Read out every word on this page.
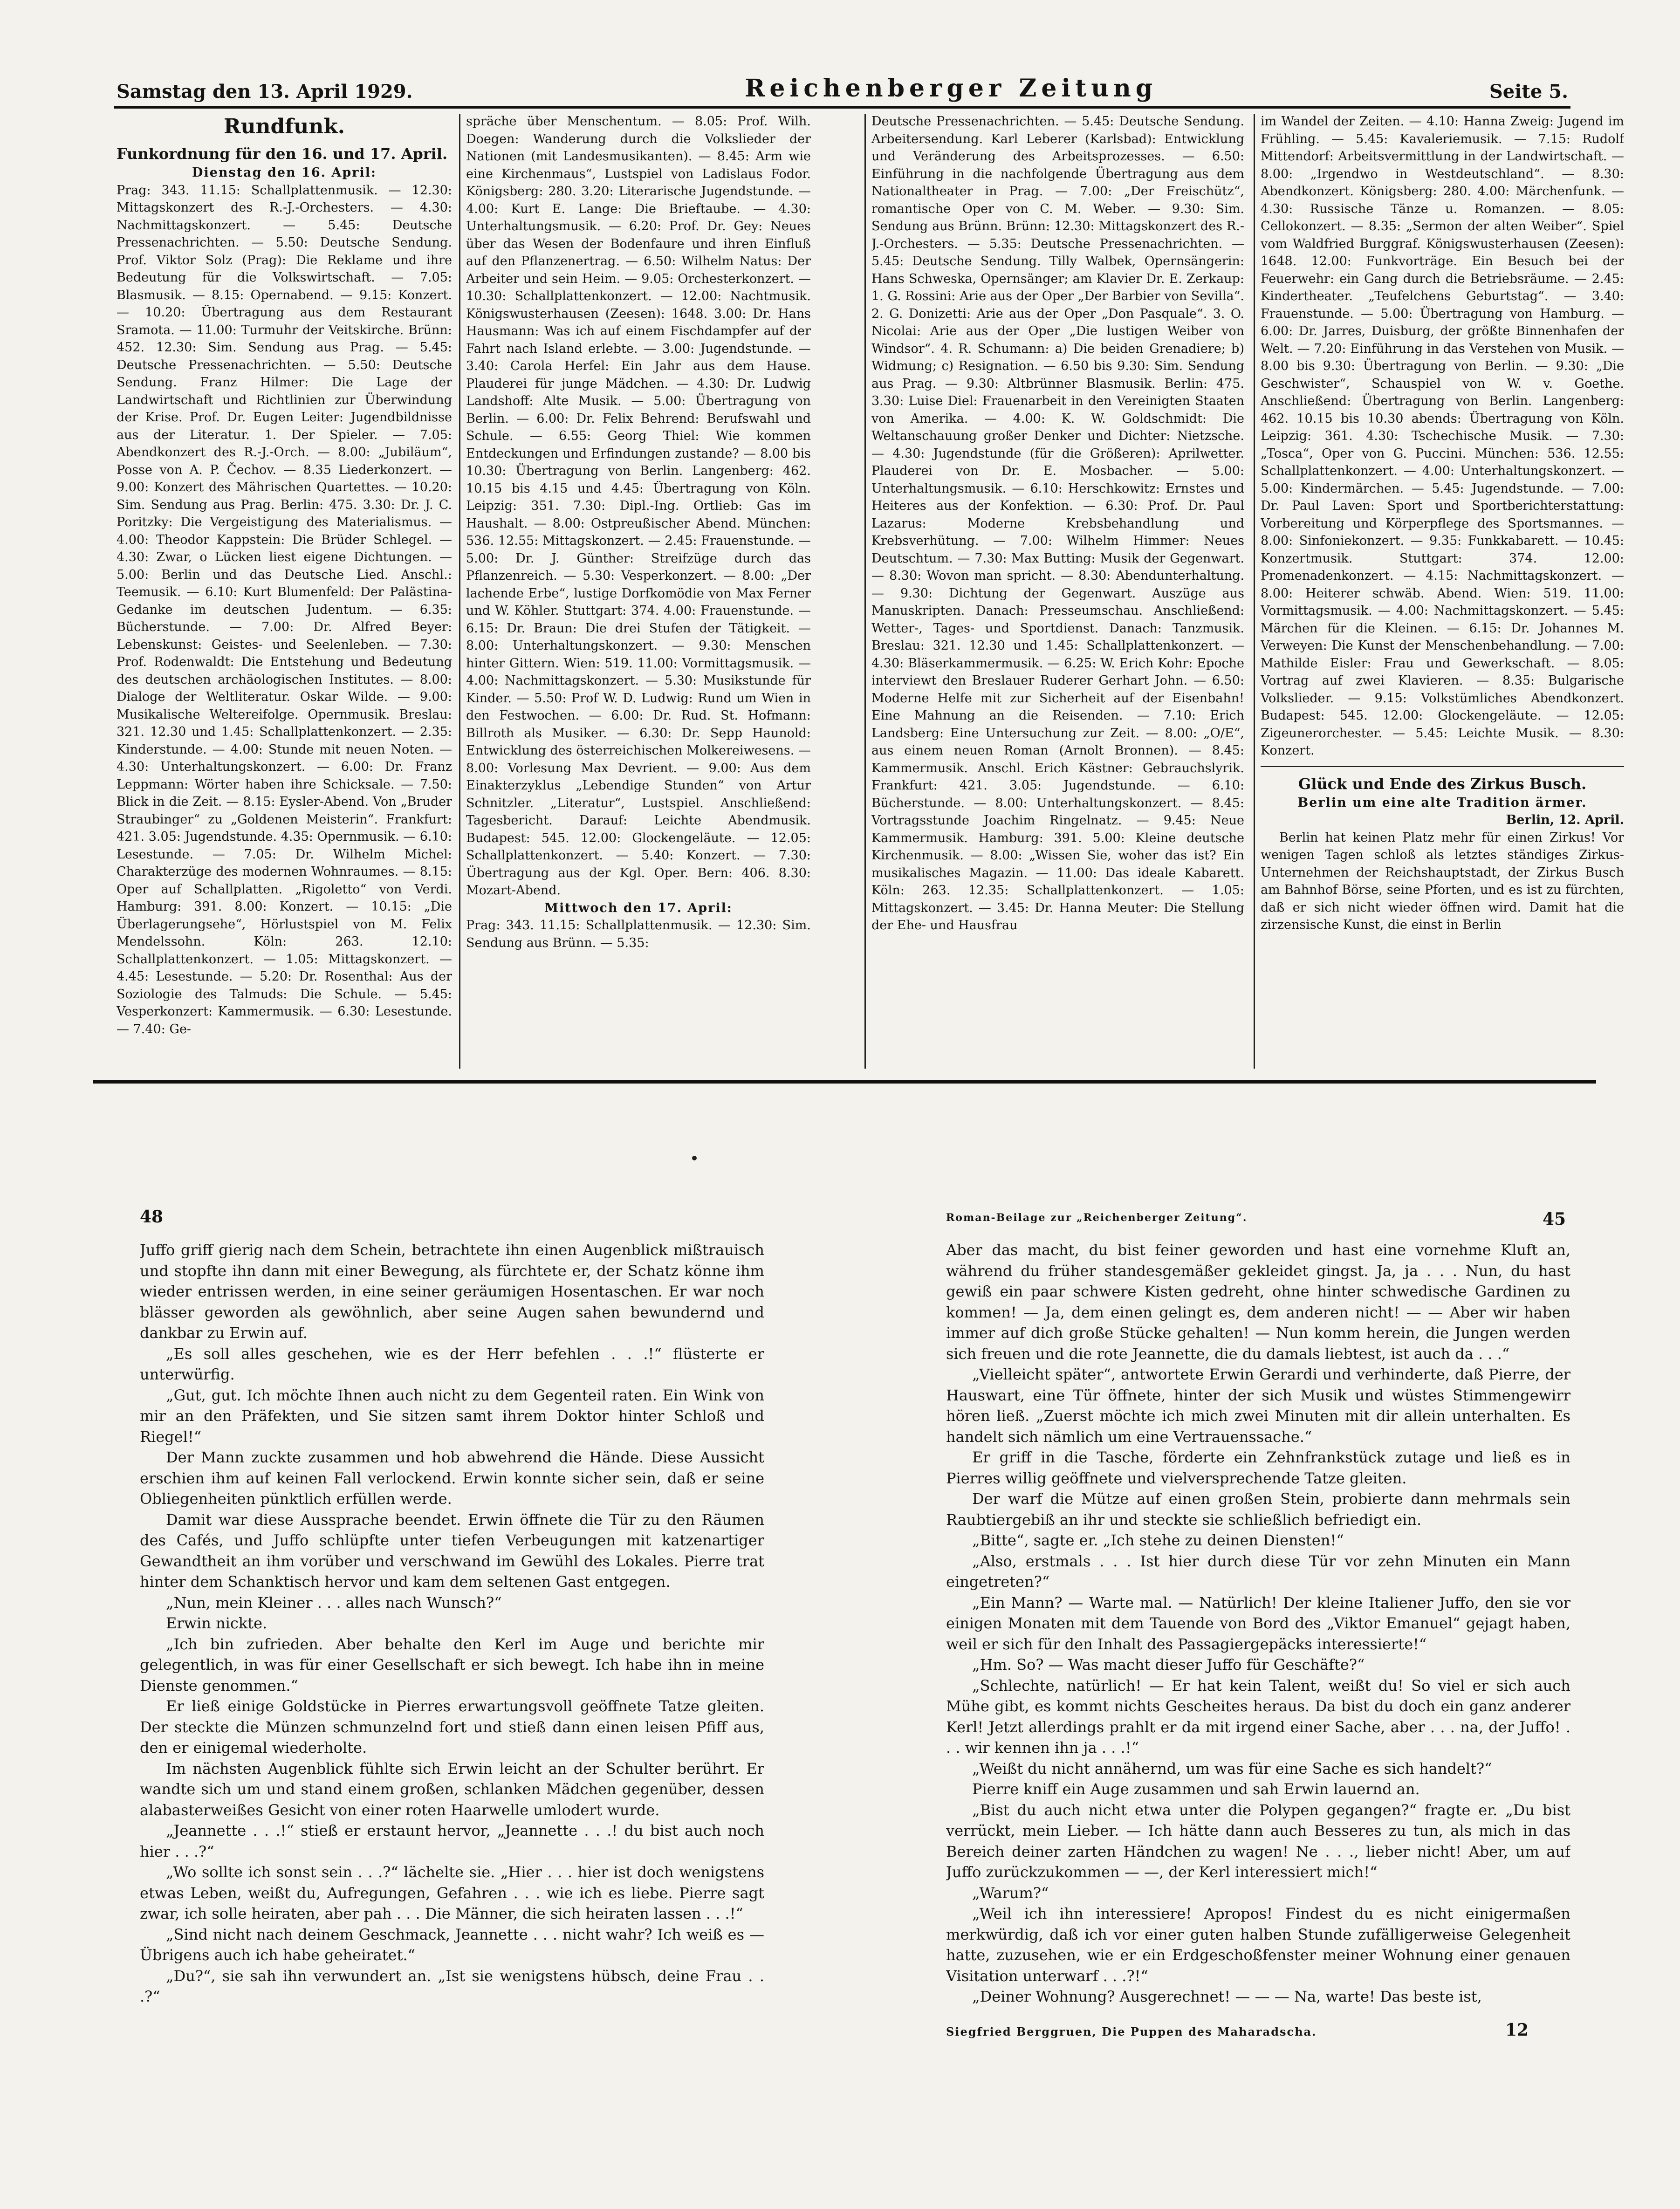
Samstag den 13. April 1929.	Reichenberger Zeitung	Seite 5.

Rundfunk.

Funkordnung für den 16. und 17. April.

Dienstag den 16. April:

Prag: 343. 11.15: Schallplattenmusik. — 12.30: Mittagskonzert des R.-J.-Orchesters. — 4.30: Nachmittagskonzert. — 5.45: Deutsche Pressenachrichten. — 5.50: Deutsche Sendung. Prof. Viktor Solz (Prag): Die Reklame und ihre Bedeutung für die Volkswirtschaft. — 7.05: Blasmusik. — 8.15: Opernabend. — 9.15: Konzert. — 10.20: Übertragung aus dem Restaurant Sramota. — 11.00: Turmuhr der Veitskirche. Brünn: 452. 12.30: Sim. Sendung aus Prag. — 5.45: Deutsche Pressenachrichten. — 5.50: Deutsche Sendung. Franz Hilmer: Die Lage der Landwirtschaft und Richtlinien zur Überwindung der Krise. Prof. Dr. Eugen Leiter: Jugendbildnisse aus der Literatur. 1. Der Spieler. — 7.05: Abendkonzert des R.-J.-Orch. — 8.00: „Jubiläum“, Posse von A. P. Čechov. — 8.35 Liederkonzert. — 9.00: Konzert des Mährischen Quartettes. — 10.20: Sim. Sendung aus Prag. Berlin: 475. 3.30: Dr. J. C. Poritzky: Die Vergeistigung des Materialismus. — 4.00: Theodor Kappstein: Die Brüder Schlegel. — 4.30: Zwar, o Lücken liest eigene Dichtungen. — 5.00: Berlin und das Deutsche Lied. Anschl.: Teemusik. — 6.10: Kurt Blumenfeld: Der Palästina-Gedanke im deutschen Judentum. — 6.35: Bücherstunde. — 7.00: Dr. Alfred Beyer: Lebenskunst: Geistes- und Seelenleben. — 7.30: Prof. Rodenwaldt: Die Entstehung und Bedeutung des deutschen archäologischen Institutes. — 8.00: Dialoge der Weltliteratur. Oskar Wilde. — 9.00: Musikalische Weltereifolge. Opernmusik. Breslau: 321. 12.30 und 1.45: Schallplattenkonzert. — 2.35: Kinderstunde. — 4.00: Stunde mit neuen Noten. — 4.30: Unterhaltungskonzert. — 6.00: Dr. Franz Leppmann: Wörter haben ihre Schicksale. — 7.50: Blick in die Zeit. — 8.15: Eysler-Abend. Von „Bruder Straubinger“ zu „Goldenen Meisterin“. Frankfurt: 421. 3.05: Jugendstunde. 4.35: Opernmusik. — 6.10: Lesestunde. — 7.05: Dr. Wilhelm Michel: Charakterzüge des modernen Wohnraumes. — 8.15: Oper auf Schallplatten. „Rigoletto“ von Verdi. Hamburg: 391. 8.00: Konzert. — 10.15: „Die Überlagerungsehe“, Hörlustspiel von M. Felix Mendelssohn. Köln: 263. 12.10: Schallplattenkonzert. — 1.05: Mittagskonzert. — 4.45: Lesestunde. — 5.20: Dr. Rosenthal: Aus der Soziologie des Talmuds: Die Schule. — 5.45: Vesperkonzert: Kammermusik. — 6.30: Lesestunde. — 7.40: Ge-

spräche über Menschentum. — 8.05: Prof. Wilh. Doegen: Wanderung durch die Volkslieder der Nationen (mit Landesmusikanten). — 8.45: Arm wie eine Kirchenmaus“, Lustspiel von Ladislaus Fodor. Königsberg: 280. 3.20: Literarische Jugendstunde. — 4.00: Kurt E. Lange: Die Brieftaube. — 4.30: Unterhaltungsmusik. — 6.20: Prof. Dr. Gey: Neues über das Wesen der Bodenfaure und ihren Einfluß auf den Pflanzenertrag. — 6.50: Wilhelm Natus: Der Arbeiter und sein Heim. — 9.05: Orchesterkonzert. — 10.30: Schallplattenkonzert. — 12.00: Nachtmusik. Königswusterhausen (Zeesen): 1648. 3.00: Dr. Hans Hausmann: Was ich auf einem Fischdampfer auf der Fahrt nach Island erlebte. — 3.00: Jugendstunde. — 3.40: Carola Herfel: Ein Jahr aus dem Hause. Plauderei für junge Mädchen. — 4.30: Dr. Ludwig Landshoff: Alte Musik. — 5.00: Übertragung von Berlin. — 6.00: Dr. Felix Behrend: Berufswahl und Schule. — 6.55: Georg Thiel: Wie kommen Entdeckungen und Erfindungen zustande? — 8.00 bis 10.30: Übertragung von Berlin. Langenberg: 462. 10.15 bis 4.15 und 4.45: Übertragung von Köln. Leipzig: 351. 7.30: Dipl.-Ing. Ortlieb: Gas im Haushalt. — 8.00: Ostpreußischer Abend. München: 536. 12.55: Mittagskonzert. — 2.45: Frauenstunde. — 5.00: Dr. J. Günther: Streifzüge durch das Pflanzenreich. — 5.30: Vesperkonzert. — 8.00: „Der lachende Erbe“, lustige Dorfkomödie von Max Ferner und W. Köhler. Stuttgart: 374. 4.00: Frauenstunde. — 6.15: Dr. Braun: Die drei Stufen der Tätigkeit. — 8.00: Unterhaltungskonzert. — 9.30: Menschen hinter Gittern. Wien: 519. 11.00: Vormittagsmusik. — 4.00: Nachmittagskonzert. — 5.30: Musikstunde für Kinder. — 5.50: Prof W. D. Ludwig: Rund um Wien in den Festwochen. — 6.00: Dr. Rud. St. Hofmann: Billroth als Musiker. — 6.30: Dr. Sepp Haunold: Entwicklung des österreichischen Molkereiwesens. — 8.00: Vorlesung Max Devrient. — 9.00: Aus dem Einakterzyklus „Lebendige Stunden“ von Artur Schnitzler. „Literatur“, Lustspiel. Anschließend: Tagesbericht. Darauf: Leichte Abendmusik. Budapest: 545. 12.00: Glockengeläute. — 12.05: Schallplattenkonzert. — 5.40: Konzert. — 7.30: Übertragung aus der Kgl. Oper. Bern: 406. 8.30: Mozart-Abend.

Mittwoch den 17. April:

Prag: 343. 11.15: Schallplattenmusik. — 12.30: Sim. Sendung aus Brünn. — 5.35:

Deutsche Pressenachrichten. — 5.45: Deutsche Sendung. Arbeitersendung. Karl Leberer (Karlsbad): Entwicklung und Veränderung des Arbeitsprozesses. — 6.50: Einführung in die nachfolgende Übertragung aus dem Nationaltheater in Prag. — 7.00: „Der Freischütz“, romantische Oper von C. M. Weber. — 9.30: Sim. Sendung aus Brünn. Brünn: 12.30: Mittagskonzert des R.-J.-Orchesters. — 5.35: Deutsche Pressenachrichten. — 5.45: Deutsche Sendung. Tilly Walbek, Opernsängerin: Hans Schweska, Opernsänger; am Klavier Dr. E. Zerkaup: 1. G. Rossini: Arie aus der Oper „Der Barbier von Sevilla“. 2. G. Donizetti: Arie aus der Oper „Don Pasquale“. 3. O. Nicolai: Arie aus der Oper „Die lustigen Weiber von Windsor“. 4. R. Schumann: a) Die beiden Grenadiere; b) Widmung; c) Resignation. — 6.50 bis 9.30: Sim. Sendung aus Prag. — 9.30: Altbrünner Blasmusik. Berlin: 475. 3.30: Luise Diel: Frauenarbeit in den Vereinigten Staaten von Amerika. — 4.00: K. W. Goldschmidt: Die Weltanschauung großer Denker und Dichter: Nietzsche. — 4.30: Jugendstunde (für die Größeren): Aprilwetter. Plauderei von Dr. E. Mosbacher. — 5.00: Unterhaltungsmusik. — 6.10: Herschkowitz: Ernstes und Heiteres aus der Konfektion. — 6.30: Prof. Dr. Paul Lazarus: Moderne Krebsbehandlung und Krebsverhütung. — 7.00: Wilhelm Himmer: Neues Deutschtum. — 7.30: Max Butting: Musik der Gegenwart. — 8.30: Wovon man spricht. — 8.30: Abendunterhaltung. — 9.30: Dichtung der Gegenwart. Auszüge aus Manuskripten. Danach: Presseumschau. Anschließend: Wetter-, Tages- und Sportdienst. Danach: Tanzmusik. Breslau: 321. 12.30 und 1.45: Schallplattenkonzert. — 4.30: Bläserkammermusik. — 6.25: W. Erich Kohr: Epoche interviewt den Breslauer Ruderer Gerhart John. — 6.50: Moderne Helfe mit zur Sicherheit auf der Eisenbahn! Eine Mahnung an die Reisenden. — 7.10: Erich Landsberg: Eine Untersuchung zur Zeit. — 8.00: „O/E“, aus einem neuen Roman (Arnolt Bronnen). — 8.45: Kammermusik. Anschl. Erich Kästner: Gebrauchslyrik. Frankfurt: 421. 3.05: Jugendstunde. — 6.10: Bücherstunde. — 8.00: Unterhaltungskonzert. — 8.45: Vortragsstunde Joachim Ringelnatz. — 9.45: Neue Kammermusik. Hamburg: 391. 5.00: Kleine deutsche Kirchenmusik. — 8.00: „Wissen Sie, woher das ist? Ein musikalisches Magazin. — 11.00: Das ideale Kabarett. Köln: 263. 12.35: Schallplattenkonzert. — 1.05: Mittagskonzert. — 3.45: Dr. Hanna Meuter: Die Stellung der Ehe- und Hausfrau

im Wandel der Zeiten. — 4.10: Hanna Zweig: Jugend im Frühling. — 5.45: Kavaleriemusik. — 7.15: Rudolf Mittendorf: Arbeitsvermittlung in der Landwirtschaft. — 8.00: „Irgendwo in Westdeutschland“. — 8.30: Abendkonzert. Königsberg: 280. 4.00: Märchenfunk. — 4.30: Russische Tänze u. Romanzen. — 8.05: Cellokonzert. — 8.35: „Sermon der alten Weiber“. Spiel vom Waldfried Burggraf. Königswusterhausen (Zeesen): 1648. 12.00: Funkvorträge. Ein Besuch bei der Feuerwehr: ein Gang durch die Betriebsräume. — 2.45: Kindertheater. „Teufelchens Geburtstag“. — 3.40: Frauenstunde. — 5.00: Übertragung von Hamburg. — 6.00: Dr. Jarres, Duisburg, der größte Binnenhafen der Welt. — 7.20: Einführung in das Verstehen von Musik. — 8.00 bis 9.30: Übertragung von Berlin. — 9.30: „Die Geschwister“, Schauspiel von W. v. Goethe. Anschließend: Übertragung von Berlin. Langenberg: 462. 10.15 bis 10.30 abends: Übertragung von Köln. Leipzig: 361. 4.30: Tschechische Musik. — 7.30: „Tosca“, Oper von G. Puccini. München: 536. 12.55: Schallplattenkonzert. — 4.00: Unterhaltungskonzert. — 5.00: Kindermärchen. — 5.45: Jugendstunde. — 7.00: Dr. Paul Laven: Sport und Sportberichterstattung: Vorbereitung und Körperpflege des Sportsmannes. — 8.00: Sinfoniekonzert. — 9.35: Funkkabarett. — 10.45: Konzertmusik. Stuttgart: 374. 12.00: Promenadenkonzert. — 4.15: Nachmittagskonzert. — 8.00: Heiterer schwäb. Abend. Wien: 519. 11.00: Vormittagsmusik. — 4.00: Nachmittagskonzert. — 5.45: Märchen für die Kleinen. — 6.15: Dr. Johannes M. Verweyen: Die Kunst der Menschenbehandlung. — 7.00: Mathilde Eisler: Frau und Gewerkschaft. — 8.05: Vortrag auf zwei Klavieren. — 8.35: Bulgarische Volkslieder. — 9.15: Volkstümliches Abendkonzert. Budapest: 545. 12.00: Glockengeläute. — 12.05: Zigeunerorchester. — 5.45: Leichte Musik. — 8.30: Konzert.

Glück und Ende des Zirkus Busch.

Berlin um eine alte Tradition ärmer.

Berlin, 12. April.

Berlin hat keinen Platz mehr für einen Zirkus! Vor wenigen Tagen schloß als letztes ständiges Zirkus-Unternehmen der Reichshauptstadt, der Zirkus Busch am Bahnhof Börse, seine Pforten, und es ist zu fürchten, daß er sich nicht wieder öffnen wird. Damit hat die zirzensische Kunst, die einst in Berlin

48	Roman-Beilage zur „Reichenberger Zeitung“.	45

Juffo griff gierig nach dem Schein, betrachtete ihn einen Augenblick mißtrauisch und stopfte ihn dann mit einer Bewegung, als fürchtete er, der Schatz könne ihm wieder entrissen werden, in eine seiner geräumigen Hosentaschen. Er war noch blässer geworden als gewöhnlich, aber seine Augen sahen bewundernd und dankbar zu Erwin auf.

„Es soll alles geschehen, wie es der Herr befehlen . . .!“ flüsterte er unterwürfig.

„Gut, gut. Ich möchte Ihnen auch nicht zu dem Gegenteil raten. Ein Wink von mir an den Präfekten, und Sie sitzen samt ihrem Doktor hinter Schloß und Riegel!“

Der Mann zuckte zusammen und hob abwehrend die Hände. Diese Aussicht erschien ihm auf keinen Fall verlockend. Erwin konnte sicher sein, daß er seine Obliegenheiten pünktlich erfüllen werde.

Damit war diese Aussprache beendet. Erwin öffnete die Tür zu den Räumen des Cafés, und Juffo schlüpfte unter tiefen Verbeugungen mit katzenartiger Gewandtheit an ihm vorüber und verschwand im Gewühl des Lokales. Pierre trat hinter dem Schanktisch hervor und kam dem seltenen Gast entgegen.

„Nun, mein Kleiner . . . alles nach Wunsch?“

Erwin nickte.

„Ich bin zufrieden. Aber behalte den Kerl im Auge und berichte mir gelegentlich, in was für einer Gesellschaft er sich bewegt. Ich habe ihn in meine Dienste genommen.“

Er ließ einige Goldstücke in Pierres erwartungsvoll geöffnete Tatze gleiten. Der steckte die Münzen schmunzelnd fort und stieß dann einen leisen Pfiff aus, den er einigemal wiederholte.

Im nächsten Augenblick fühlte sich Erwin leicht an der Schulter berührt. Er wandte sich um und stand einem großen, schlanken Mädchen gegenüber, dessen alabasterweißes Gesicht von einer roten Haarwelle umlodert wurde.

„Jeannette . . .!“ stieß er erstaunt hervor, „Jeannette . . .! du bist auch noch hier . . .?“

„Wo sollte ich sonst sein . . .?“ lächelte sie. „Hier . . . hier ist doch wenigstens etwas Leben, weißt du, Aufregungen, Gefahren . . . wie ich es liebe. Pierre sagt zwar, ich solle heiraten, aber pah . . . Die Männer, die sich heiraten lassen . . .!“

„Sind nicht nach deinem Geschmack, Jeannette . . . nicht wahr? Ich weiß es — Übrigens auch ich habe geheiratet.“

„Du?“, sie sah ihn verwundert an. „Ist sie wenigstens hübsch, deine Frau . . .?“

Aber das macht, du bist feiner geworden und hast eine vornehme Kluft an, während du früher standesgemäßer gekleidet gingst. Ja, ja . . . Nun, du hast gewiß ein paar schwere Kisten gedreht, ohne hinter schwedische Gardinen zu kommen! — Ja, dem einen gelingt es, dem anderen nicht! — — Aber wir haben immer auf dich große Stücke gehalten! — Nun komm herein, die Jungen werden sich freuen und die rote Jeannette, die du damals liebtest, ist auch da . . .“

„Vielleicht später“, antwortete Erwin Gerardi und verhinderte, daß Pierre, der Hauswart, eine Tür öffnete, hinter der sich Musik und wüstes Stimmengewirr hören ließ. „Zuerst möchte ich mich zwei Minuten mit dir allein unterhalten. Es handelt sich nämlich um eine Vertrauenssache.“

Er griff in die Tasche, förderte ein Zehnfrankstück zutage und ließ es in Pierres willig geöffnete und vielversprechende Tatze gleiten.

Der warf die Mütze auf einen großen Stein, probierte dann mehrmals sein Raubtiergebiß an ihr und steckte sie schließlich befriedigt ein.

„Bitte“, sagte er. „Ich stehe zu deinen Diensten!“

„Also, erstmals . . . Ist hier durch diese Tür vor zehn Minuten ein Mann eingetreten?“

„Ein Mann? — Warte mal. — Natürlich! Der kleine Italiener Juffo, den sie vor einigen Monaten mit dem Tauende von Bord des „Viktor Emanuel“ gejagt haben, weil er sich für den Inhalt des Passagiergepäcks interessierte!“

„Hm. So? — Was macht dieser Juffo für Geschäfte?“

„Schlechte, natürlich! — Er hat kein Talent, weißt du! So viel er sich auch Mühe gibt, es kommt nichts Gescheites heraus. Da bist du doch ein ganz anderer Kerl! Jetzt allerdings prahlt er da mit irgend einer Sache, aber . . . na, der Juffo! . . . wir kennen ihn ja . . .!“

„Weißt du nicht annähernd, um was für eine Sache es sich handelt?“

Pierre kniff ein Auge zusammen und sah Erwin lauernd an.

„Bist du auch nicht etwa unter die Polypen gegangen?“ fragte er. „Du bist verrückt, mein Lieber. — Ich hätte dann auch Besseres zu tun, als mich in das Bereich deiner zarten Händchen zu wagen! Ne . . ., lieber nicht! Aber, um auf Juffo zurückzukommen — —, der Kerl interessiert mich!“

„Warum?“

„Weil ich ihn interessiere! Apropos! Findest du es nicht einigermaßen merkwürdig, daß ich vor einer guten halben Stunde zufälligerweise Gelegenheit hatte, zuzusehen, wie er ein Erdgeschoßfenster meiner Wohnung einer genauen Visitation unterwarf . . .?!“

„Deiner Wohnung? Ausgerechnet! — — — Na, warte! Das beste ist,

Siegfried Berggruen, Die Puppen des Maharadscha.	12
